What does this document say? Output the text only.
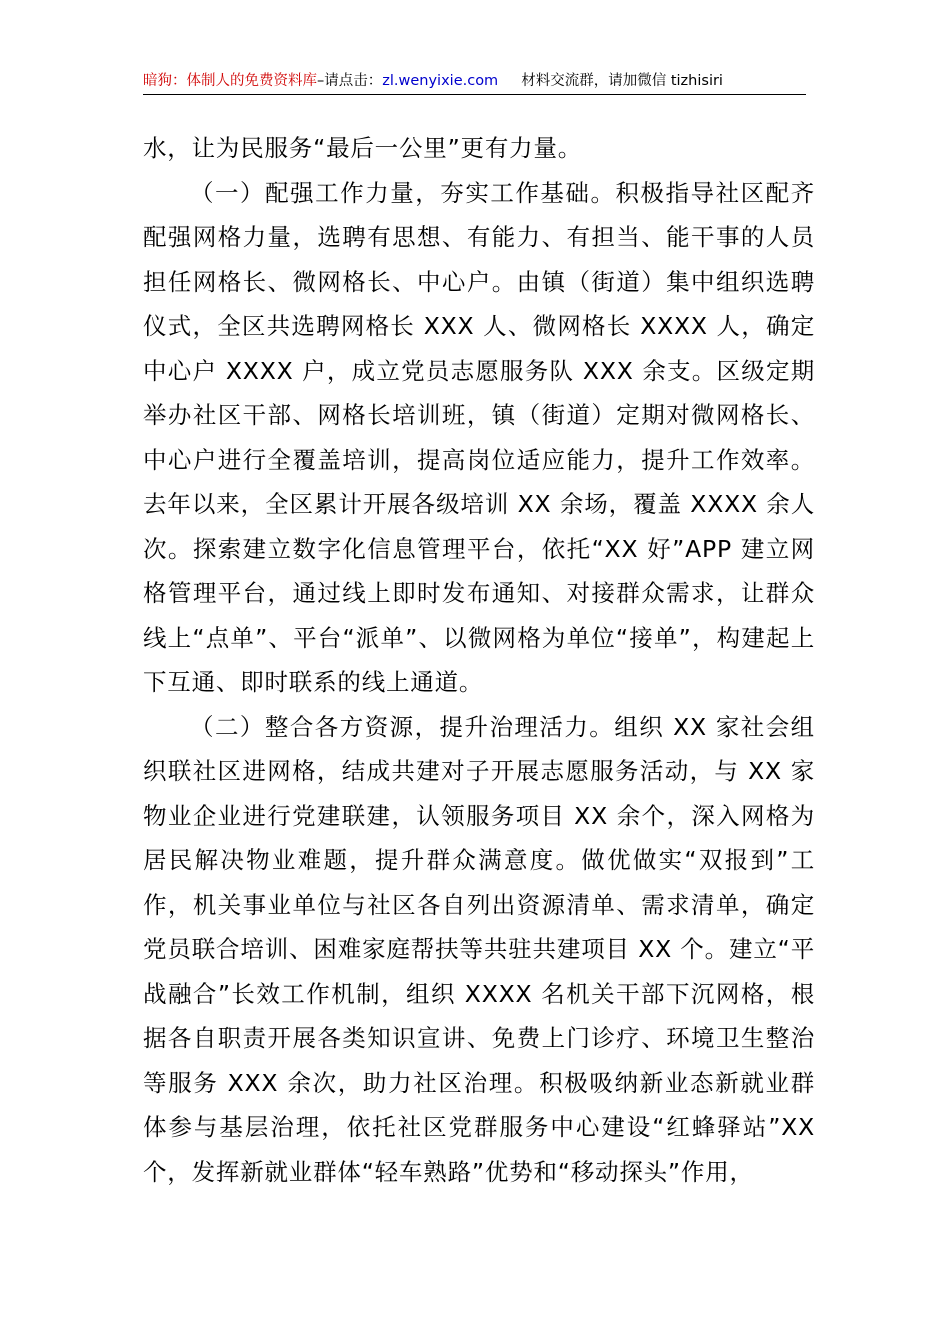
暗狗：体制人的免费资料库–请点击：zl.wenyixie.com 材料交流群，请加微信 tizhisiri

水，让为民服务“最后一公里”更有力量。

（一）配强工作力量，夯实工作基础。积极指导社区配齐配强网格力量，选聘有思想、有能力、有担当、能干事的人员担任网格长、微网格长、中心户。由镇（街道）集中组织选聘仪式，全区共选聘网格长 XXX 人、微网格长 XXXX 人，确定中心户 XXXX 户，成立党员志愿服务队 XXX 余支。区级定期举办社区干部、网格长培训班，镇（街道）定期对微网格长、中心户进行全覆盖培训，提高岗位适应能力，提升工作效率。去年以来，全区累计开展各级培训 XX 余场，覆盖 XXXX 余人次。探索建立数字化信息管理平台，依托“XX 好”APP 建立网格管理平台，通过线上即时发布通知、对接群众需求，让群众线上“点单”、平台“派单”、以微网格为单位“接单”，构建起上下互通、即时联系的线上通道。

（二）整合各方资源，提升治理活力。组织 XX 家社会组织联社区进网格，结成共建对子开展志愿服务活动，与 XX 家物业企业进行党建联建，认领服务项目 XX 余个，深入网格为居民解决物业难题，提升群众满意度。做优做实“双报到”工作，机关事业单位与社区各自列出资源清单、需求清单，确定党员联合培训、困难家庭帮扶等共驻共建项目 XX 个。建立“平战融合”长效工作机制，组织 XXXX 名机关干部下沉网格，根据各自职责开展各类知识宣讲、免费上门诊疗、环境卫生整治等服务 XXX 余次，助力社区治理。积极吸纳新业态新就业群体参与基层治理，依托社区党群服务中心建设“红蜂驿站”XX 个，发挥新就业群体“轻车熟路”优势和“移动探头”作用，
